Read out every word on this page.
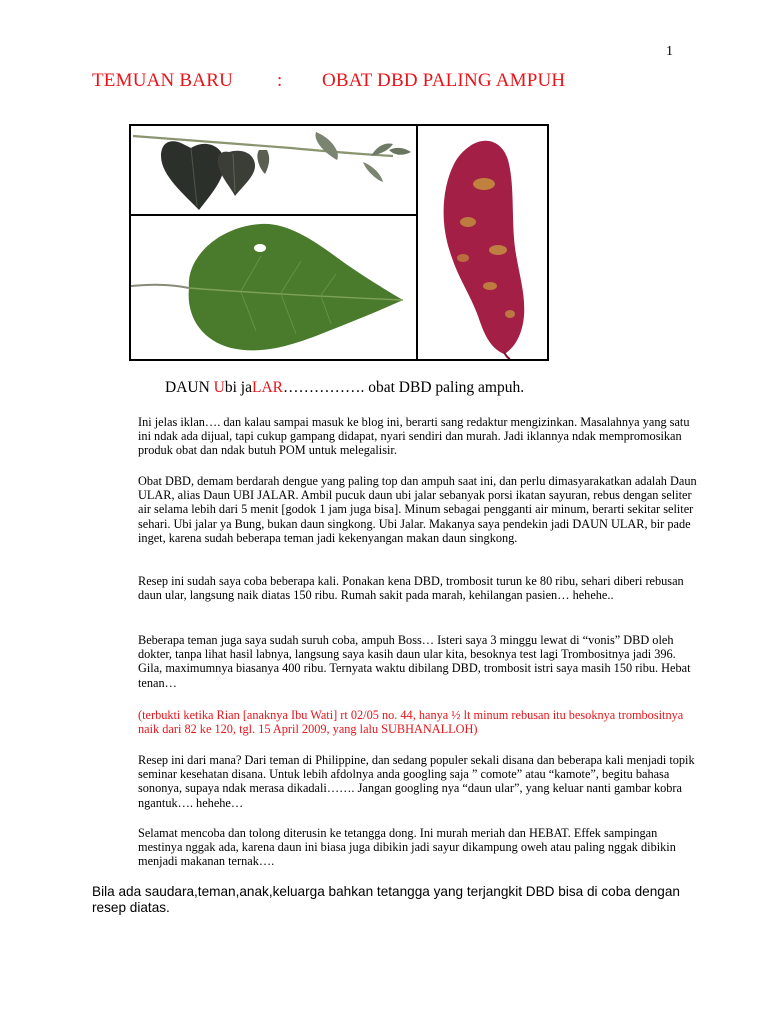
1
TEMUAN BARU : OBAT DBD PALING AMPUH
DAUN Ubi jaLAR……………. obat DBD paling ampuh.

Ini jelas iklan…. dan kalau sampai masuk ke blog ini, berarti sang redaktur mengizinkan. Masalahnya yang satu ini ndak ada dijual, tapi cukup gampang didapat, nyari sendiri dan murah. Jadi iklannya ndak mempromosikan produk obat dan ndak butuh POM untuk melegalisir.

Obat DBD, demam berdarah dengue yang paling top dan ampuh saat ini, dan perlu dimasyarakatkan adalah Daun ULAR, alias Daun UBI JALAR. Ambil pucuk daun ubi jalar sebanyak porsi ikatan sayuran, rebus dengan seliter air selama lebih dari 5 menit [godok 1 jam juga bisa]. Minum sebagai pengganti air minum, berarti sekitar seliter sehari. Ubi jalar ya Bung, bukan daun singkong. Ubi Jalar. Makanya saya pendekin jadi DAUN ULAR, bir pade inget, karena sudah beberapa teman jadi kekenyangan makan daun singkong.

Resep ini sudah saya coba beberapa kali. Ponakan kena DBD, trombosit turun ke 80 ribu, sehari diberi rebusan daun ular, langsung naik diatas 150 ribu. Rumah sakit pada marah, kehilangan pasien… hehehe..

Beberapa teman juga saya sudah suruh coba, ampuh Boss… Isteri saya 3 minggu lewat di “vonis” DBD oleh dokter, tanpa lihat hasil labnya, langsung saya kasih daun ular kita, besoknya test lagi Trombositnya jadi 396. Gila, maximumnya biasanya 400 ribu. Ternyata waktu dibilang DBD, trombosit istri saya masih 150 ribu. Hebat tenan…

(terbukti ketika Rian [anaknya Ibu Wati] rt 02/05 no. 44, hanya ½ lt minum rebusan itu besoknya trombositnya naik dari 82 ke 120, tgl. 15 April 2009, yang lalu SUBHANALLOH)

Resep ini dari mana? Dari teman di Philippine, dan sedang populer sekali disana dan beberapa kali menjadi topik seminar kesehatan disana. Untuk lebih afdolnya anda googling saja ” comote” atau “kamote”, begitu bahasa sononya, supaya ndak merasa dikadali……. Jangan googling nya “daun ular”, yang keluar nanti gambar kobra ngantuk…. hehehe…

Selamat mencoba dan tolong diterusin ke tetangga dong. Ini murah meriah dan HEBAT. Effek sampingan mestinya nggak ada, karena daun ini biasa juga dibikin jadi sayur dikampung oweh atau paling nggak dibikin menjadi makanan ternak….

Bila ada saudara,teman,anak,keluarga bahkan tetangga yang terjangkit DBD bisa di coba dengan resep diatas.
